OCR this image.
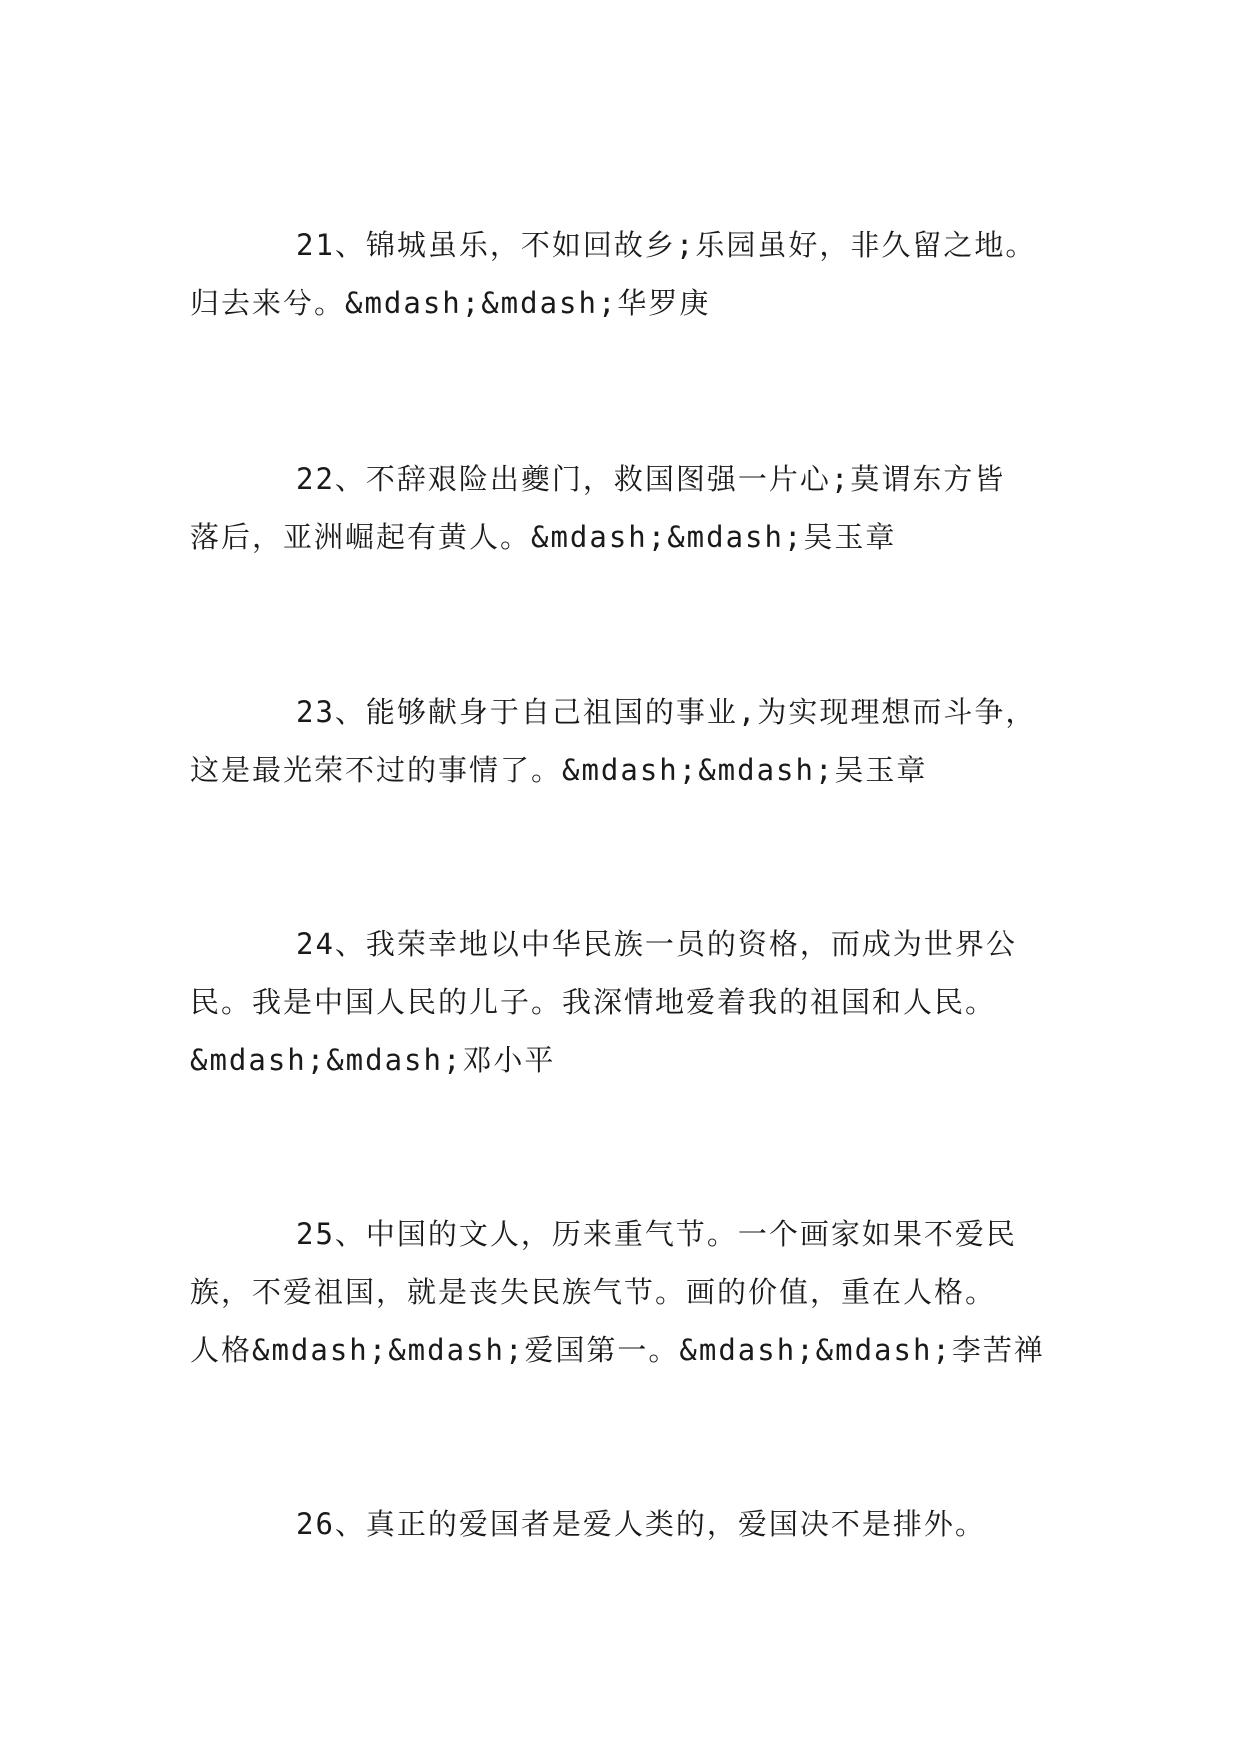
21、锦城虽乐，不如回故乡;乐园虽好，非久留之地。
归去来兮。&mdash;&mdash;华罗庚
22、不辞艰险出夔门，救国图强一片心;莫谓东方皆
落后，亚洲崛起有黄人。&mdash;&mdash;吴玉章
23、能够献身于自己祖国的事业,为实现理想而斗争，
这是最光荣不过的事情了。&mdash;&mdash;吴玉章
24、我荣幸地以中华民族一员的资格，而成为世界公
民。我是中国人民的儿子。我深情地爱着我的祖国和人民。
&mdash;&mdash;邓小平
25、中国的文人，历来重气节。一个画家如果不爱民
族，不爱祖国，就是丧失民族气节。画的价值，重在人格。
人格&mdash;&mdash;爱国第一。&mdash;&mdash;李苦禅
26、真正的爱国者是爱人类的，爱国决不是排外。
